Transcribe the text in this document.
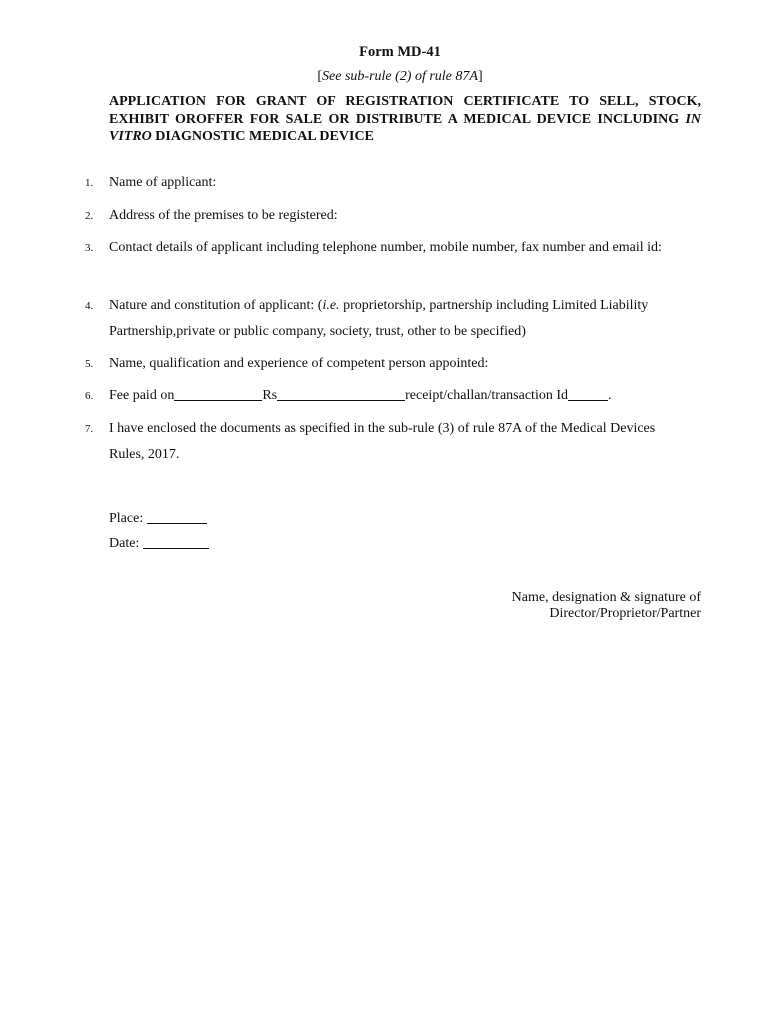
Form MD-41
[See sub-rule (2) of rule 87A]

APPLICATION FOR GRANT OF REGISTRATION CERTIFICATE TO SELL, STOCK, EXHIBIT OROFFER FOR SALE OR DISTRIBUTE A MEDICAL DEVICE INCLUDING IN VITRO DIAGNOSTIC MEDICAL DEVICE

1. Name of applicant:
2. Address of the premises to be registered:
3. Contact details of applicant including telephone number, mobile number, fax number and email id:
4. Nature and constitution of applicant: (i.e. proprietorship, partnership including Limited Liability Partnership,private or public company, society, trust, other to be specified)
5. Name, qualification and experience of competent person appointed:
6. Fee paid on	Rs	receipt/challan/transaction Id	.
7. I have enclosed the documents as specified in the sub-rule (3) of rule 87A of the Medical Devices Rules, 2017.
Place:
Date:
Name, designation & signature of
Director/Proprietor/Partner
